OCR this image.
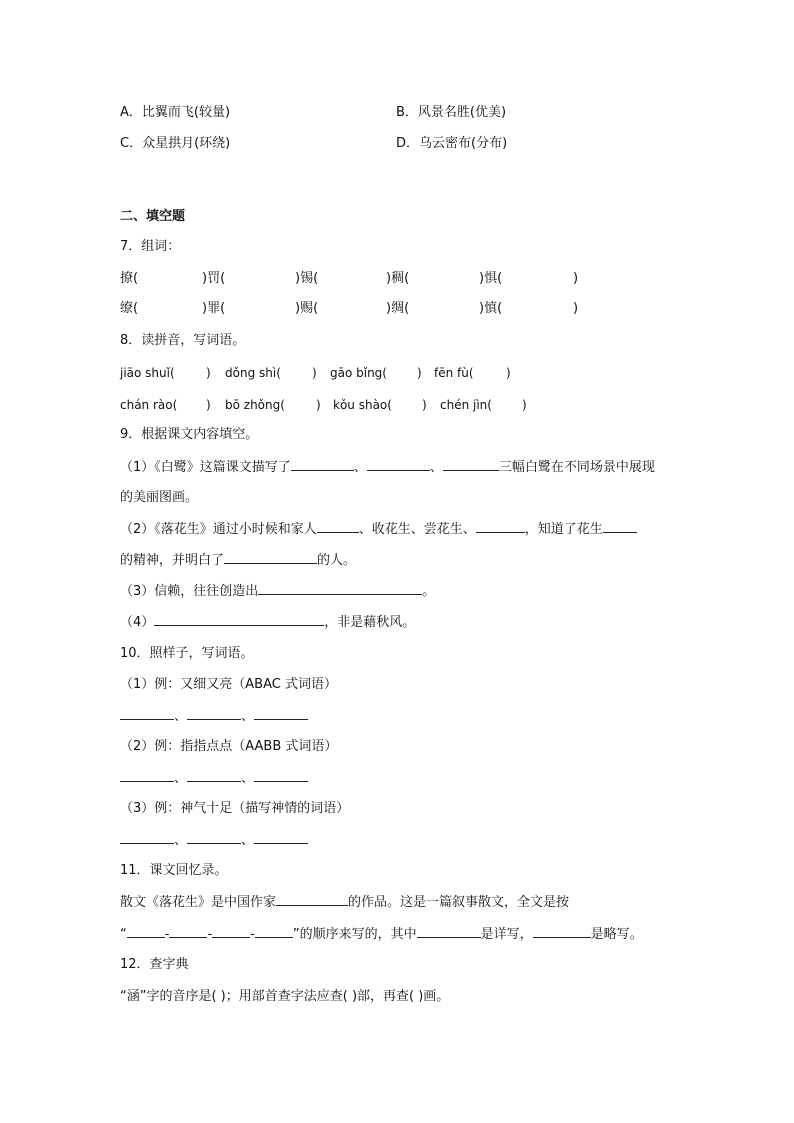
A．比翼而飞(较量)	B．风景名胜(优美)
C．众星拱月(环绕)	D．乌云密布(分布)
二、填空题
7．组词：
撩(	)罚(	)锡(	)稠(	)惧(	)
缭(	)罪(	)赐(	)绸(	)慎(	)
8．读拼音，写词语。
jiāo shuǐ(	) dǒng shì(	) gāo bǐng(	) fēn fù(	)
chán rào( ) bō zhǒng(	) kǒu shào(	) chén jìn(	)
9．根据课文内容填空。
（1）《白鹭》这篇课文描写了	、	、	三幅白鹭在不同场景中展现
的美丽图画。
（2）《落花生》通过小时候和家人	、收花生、尝花生、	，知道了花生
的精神，并明白了	的人。
（3）信赖，往往创造出	。
（4）	，非是藉秋风。
10．照样子，写词语。
（1）例：又细又亮（ABAC 式词语）
、	、
（2）例：指指点点（AABB 式词语）
、	、
（3）例：神气十足（描写神情的词语）
、	、
11．课文回忆录。
散文《落花生》是中国作家	的作品。这是一篇叙事散文，全文是按
“	-	-	-	”的顺序来写的，其中	是详写，	是略写。
12．查字典
“涵”字的音序是( )；用部首查字法应查( )部，再查( )画。
